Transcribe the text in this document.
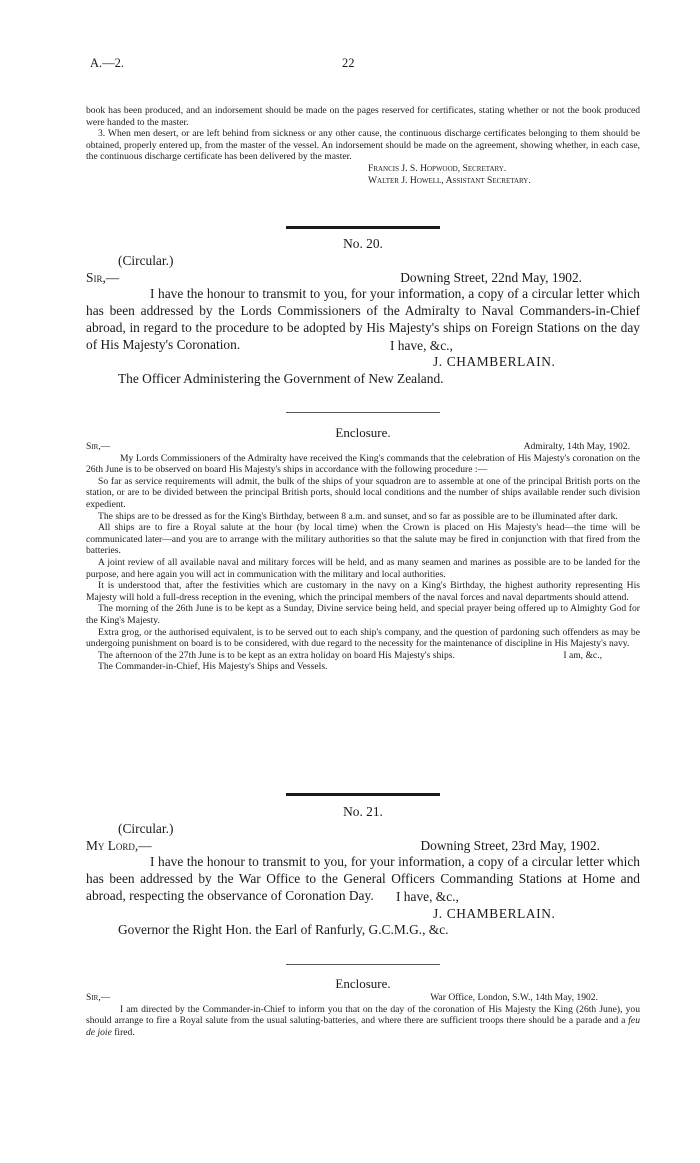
A.—2.	22

book has been produced, and an indorsement should be made on the pages reserved for certificates, stating whether or not the book produced were handed to the master.

3. When men desert, or are left behind from sickness or any other cause, the continuous discharge certificates belonging to them should be obtained, properly entered up, from the master of the vessel. An indorsement should be made on the agreement, showing whether, in each case, the continuous discharge certificate has been delivered by the master.

Francis J. S. Hopwood, Secretary.

Walter J. Howell, Assistant Secretary.

No. 20.
(Circular.)
Sir,—	Downing Street, 22nd May, 1902.

I have the honour to transmit to you, for your information, a copy of a circular letter which has been addressed by the Lords Commissioners of the Admiralty to Naval Commanders-in-Chief abroad, in regard to the procedure to be adopted by His Majesty's ships on Foreign Stations on the day of His Majesty's Coronation.	I have, &c.,
J. CHAMBERLAIN.
The Officer Administering the Government of New Zealand.
Enclosure.
Sir,—	Admiralty, 14th May, 1902.

My Lords Commissioners of the Admiralty have received the King's commands that the celebration of His Majesty's coronation on the 26th June is to be observed on board His Majesty's ships in accordance with the following procedure :—

So far as service requirements will admit, the bulk of the ships of your squadron are to assemble at one of the principal British ports on the station, or are to be divided between the principal British ports, should local conditions and the number of ships available render such division expedient.

The ships are to be dressed as for the King's Birthday, between 8 a.m. and sunset, and so far as possible are to be illuminated after dark.

All ships are to fire a Royal salute at the hour (by local time) when the Crown is placed on His Majesty's head—the time will be communicated later—and you are to arrange with the military authorities so that the salute may be fired in conjunction with that fired from the batteries.

A joint review of all available naval and military forces will be held, and as many seamen and marines as possible are to be landed for the purpose, and here again you will act in communication with the military and local authorities.

It is understood that, after the festivities which are customary in the navy on a King's Birthday, the highest authority representing His Majesty will hold a full-dress reception in the evening, which the principal members of the naval forces and naval departments should attend.

The morning of the 26th June is to be kept as a Sunday, Divine service being held, and special prayer being offered up to Almighty God for the King's Majesty.

Extra grog, or the authorised equivalent, is to be served out to each ship's company, and the question of pardoning such offenders as may be undergoing punishment on board is to be considered, with due regard to the necessity for the maintenance of discipline in His Majesty's navy.

The afternoon of the 27th June is to be kept as an extra holiday on board His Majesty's ships.	I am, &c.,

The Commander-in-Chief, His Majesty's Ships and Vessels.

No. 21.
(Circular.)
My Lord,—	Downing Street, 23rd May, 1902.

I have the honour to transmit to you, for your information, a copy of a circular letter which has been addressed by the War Office to the General Officers Commanding Stations at Home and abroad, respecting the observance of Coronation Day.	I have, &c.,
J. CHAMBERLAIN.
Governor the Right Hon. the Earl of Ranfurly, G.C.M.G., &c.
Enclosure.
Sir,—	War Office, London, S.W., 14th May, 1902.

I am directed by the Commander-in-Chief to inform you that on the day of the coronation of His Majesty the King (26th June), you should arrange to fire a Royal salute from the usual saluting-batteries, and where there are sufficient troops there should be a parade and a feu de joie fired.
